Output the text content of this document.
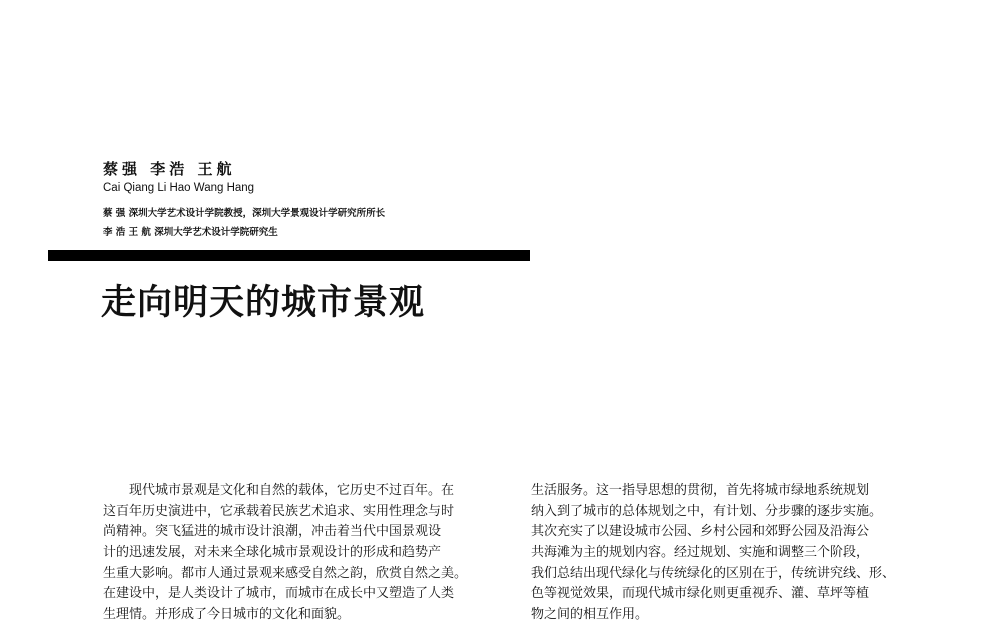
蔡强 李浩 王航
Cai Qiang Li Hao Wang Hang
蔡 强 深圳大学艺术设计学院教授，深圳大学景观设计学研究所所长
李 浩 王 航 深圳大学艺术设计学院研究生
走向明天的城市景观
现代城市景观是文化和自然的载体，它历史不过百年。在
这百年历史演进中，它承载着民族艺术追求、实用性理念与时
尚精神。突飞猛进的城市设计浪潮，冲击着当代中国景观设
计的迅速发展，对未来全球化城市景观设计的形成和趋势产
生重大影响。都市人通过景观来感受自然之韵，欣赏自然之美。
在建设中，是人类设计了城市，而城市在成长中又塑造了人类
生理情。并形成了今日城市的文化和面貌。
生活服务。这一指导思想的贯彻，首先将城市绿地系统规划
纳入到了城市的总体规划之中，有计划、分步骤的逐步实施。
其次充实了以建设城市公园、乡村公园和郊野公园及沿海公
共海滩为主的规划内容。经过规划、实施和调整三个阶段，
我们总结出现代绿化与传统绿化的区别在于，传统讲究线、形、
色等视觉效果，而现代城市绿化则更重视乔、灌、草坪等植
物之间的相互作用。
